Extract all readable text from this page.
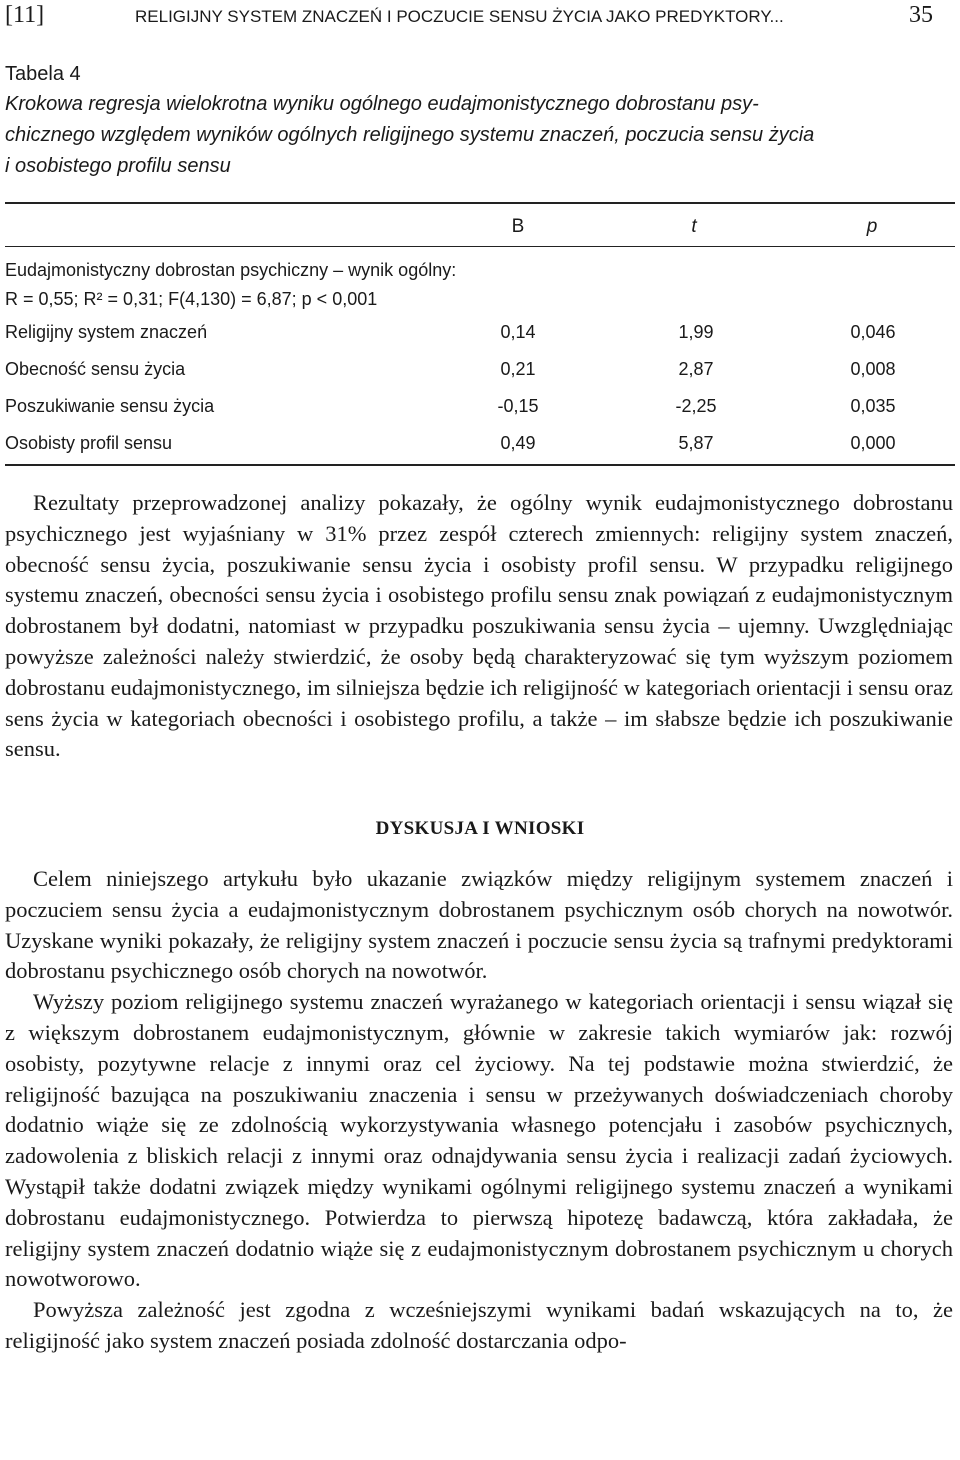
[11]	RELIGIJNY SYSTEM ZNACZEŃ I POCZUCIE SENSU ŻYCIA JAKO PREDYKTORY...	35
Tabela 4
Krokowa regresja wielokrotna wyniku ogólnego eudajmonistycznego dobrostanu psy-
chicznego względem wyników ogólnych religijnego systemu znaczeń, poczucia sensu życia
i osobistego profilu sensu
B	t	p
Eudajmonistyczny dobrostan psychiczny – wynik ogólny:
R = 0,55; R² = 0,31; F(4,130) = 6,87; p < 0,001
Religijny system znaczeń	0,14	1,99	0,046
Obecność sensu życia	0,21	2,87	0,008
Poszukiwanie sensu życia	-0,15	-2,25	0,035
Osobisty profil sensu	0,49	5,87	0,000

Rezultaty przeprowadzonej analizy pokazały, że ogólny wynik eudajmonistycznego dobrostanu psychicznego jest wyjaśniany w 31% przez zespół czterech zmiennych: religijny system znaczeń, obecność sensu życia, poszukiwanie sensu życia i osobisty profil sensu. W przypadku religijnego systemu znaczeń, obecności sensu życia i osobistego profilu sensu znak powiązań z eudajmonistycznym dobrostanem był dodatni, natomiast w przypadku poszukiwania sensu życia – ujemny. Uwzględniając powyższe zależności należy stwierdzić, że osoby będą charakteryzować się tym wyższym poziomem dobrostanu eudajmonistycznego, im silniejsza będzie ich religijność w kategoriach orientacji i sensu oraz sens życia w kategoriach obecności i osobistego profilu, a także – im słabsze będzie ich poszukiwanie sensu.

DYSKUSJA I WNIOSKI

Celem niniejszego artykułu było ukazanie związków między religijnym systemem znaczeń i poczuciem sensu życia a eudajmonistycznym dobrostanem psychicznym osób chorych na nowotwór. Uzyskane wyniki pokazały, że religijny system znaczeń i poczucie sensu życia są trafnymi predyktorami dobrostanu psychicznego osób chorych na nowotwór.

Wyższy poziom religijnego systemu znaczeń wyrażanego w kategoriach orientacji i sensu wiązał się z większym dobrostanem eudajmonistycznym, głównie w zakresie takich wymiarów jak: rozwój osobisty, pozytywne relacje z innymi oraz cel życiowy. Na tej podstawie można stwierdzić, że religijność bazująca na poszukiwaniu znaczenia i sensu w przeżywanych doświadczeniach choroby dodatnio wiąże się ze zdolnością wykorzystywania własnego potencjału i zasobów psychicznych, zadowolenia z bliskich relacji z innymi oraz odnajdywania sensu życia i realizacji zadań życiowych. Wystąpił także dodatni związek między wynikami ogólnymi religijnego systemu znaczeń a wynikami dobrostanu eudajmonistycznego. Potwierdza to pierwszą hipotezę badawczą, która zakładała, że religijny system znaczeń dodatnio wiąże się z eudajmonistycznym dobrostanem psychicznym u chorych nowotworowo.

Powyższa zależność jest zgodna z wcześniejszymi wynikami badań wskazujących na to, że religijność jako system znaczeń posiada zdolność dostarczania odpo-
